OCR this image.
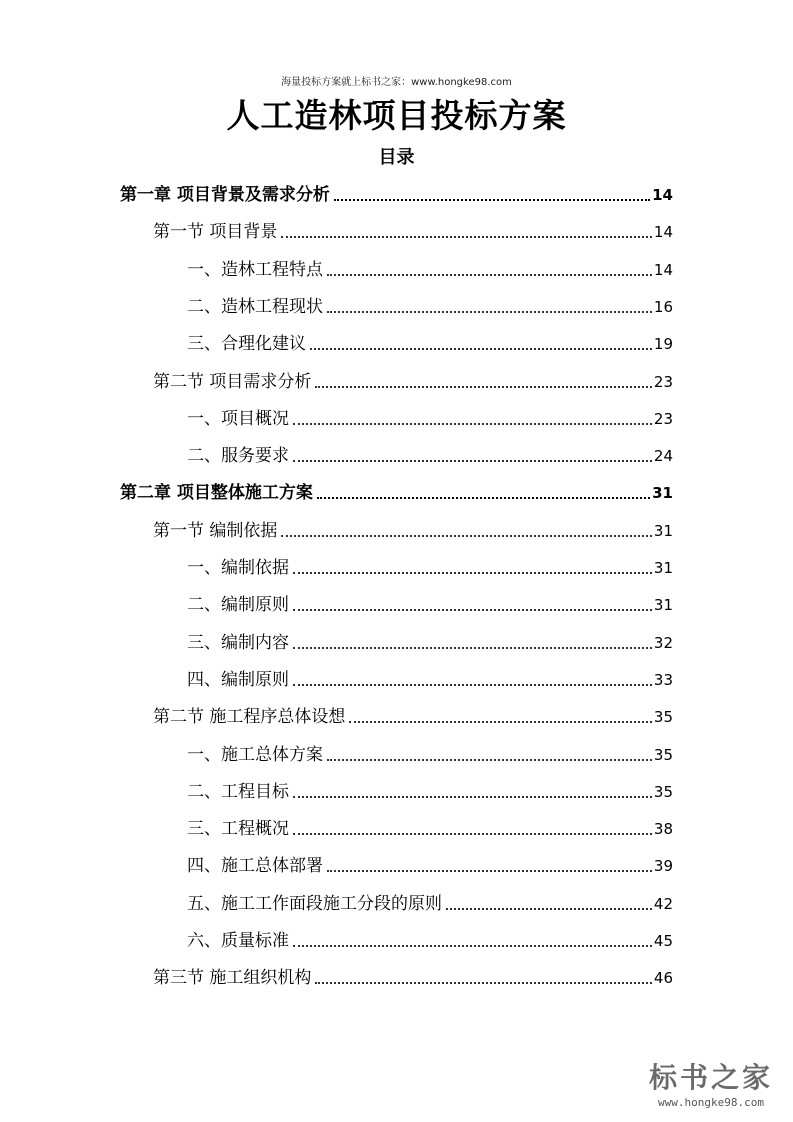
海量投标方案就上标书之家：www.hongke98.com
人工造林项目投标方案
目录
第一章 项目背景及需求分析	14
第一节 项目背景	14
一、造林工程特点	14
二、造林工程现状	16
三、合理化建议	19
第二节 项目需求分析	23
一、项目概况	23
二、服务要求	24
第二章 项目整体施工方案	31
第一节 编制依据	31
一、编制依据	31
二、编制原则	31
三、编制内容	32
四、编制原则	33
第二节 施工程序总体设想	35
一、施工总体方案	35
二、工程目标	35
三、工程概况	38
四、施工总体部署	39
五、施工工作面段施工分段的原则	42
六、质量标准	45
第三节 施工组织机构	46
标书之家
www.hongke98.com
